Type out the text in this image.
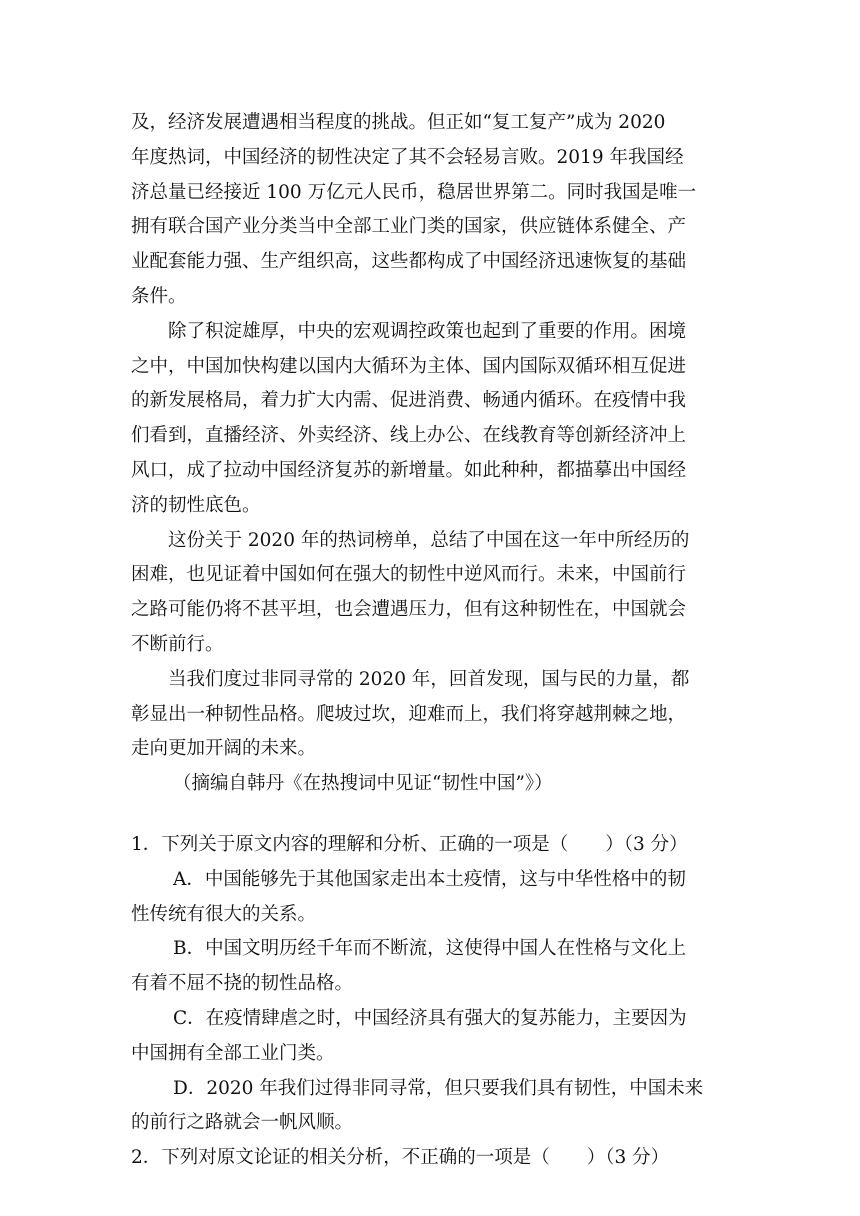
及，经济发展遭遇相当程度的挑战。但正如“复工复产”成为 2020
年度热词，中国经济的韧性决定了其不会轻易言败。2019 年我国经
济总量已经接近 100 万亿元人民币，稳居世界第二。同时我国是唯一
拥有联合国产业分类当中全部工业门类的国家，供应链体系健全、产
业配套能力强、生产组织高，这些都构成了中国经济迅速恢复的基础
条件。
除了积淀雄厚，中央的宏观调控政策也起到了重要的作用。困境
之中，中国加快构建以国内大循环为主体、国内国际双循环相互促进
的新发展格局，着力扩大内需、促进消费、畅通内循环。在疫情中我
们看到，直播经济、外卖经济、线上办公、在线教育等创新经济冲上
风口，成了拉动中国经济复苏的新增量。如此种种，都描摹出中国经
济的韧性底色。
这份关于 2020 年的热词榜单，总结了中国在这一年中所经历的
困难，也见证着中国如何在强大的韧性中逆风而行。未来，中国前行
之路可能仍将不甚平坦，也会遭遇压力，但有这种韧性在，中国就会
不断前行。
当我们度过非同寻常的 2020 年，回首发现，国与民的力量，都
彰显出一种韧性品格。爬坡过坎，迎难而上，我们将穿越荆棘之地，
走向更加开阔的未来。
（摘编自韩丹《在热搜词中见证“韧性中国”》）
1．下列关于原文内容的理解和分析、正确的一项是（　　）（3 分）
A．中国能够先于其他国家走出本土疫情，这与中华性格中的韧
性传统有很大的关系。
B．中国文明历经千年而不断流，这使得中国人在性格与文化上
有着不屈不挠的韧性品格。
C．在疫情肆虐之时，中国经济具有强大的复苏能力，主要因为
中国拥有全部工业门类。
D．2020 年我们过得非同寻常，但只要我们具有韧性，中国未来
的前行之路就会一帆风顺。
2．下列对原文论证的相关分析，不正确的一项是（　　）（3 分）
